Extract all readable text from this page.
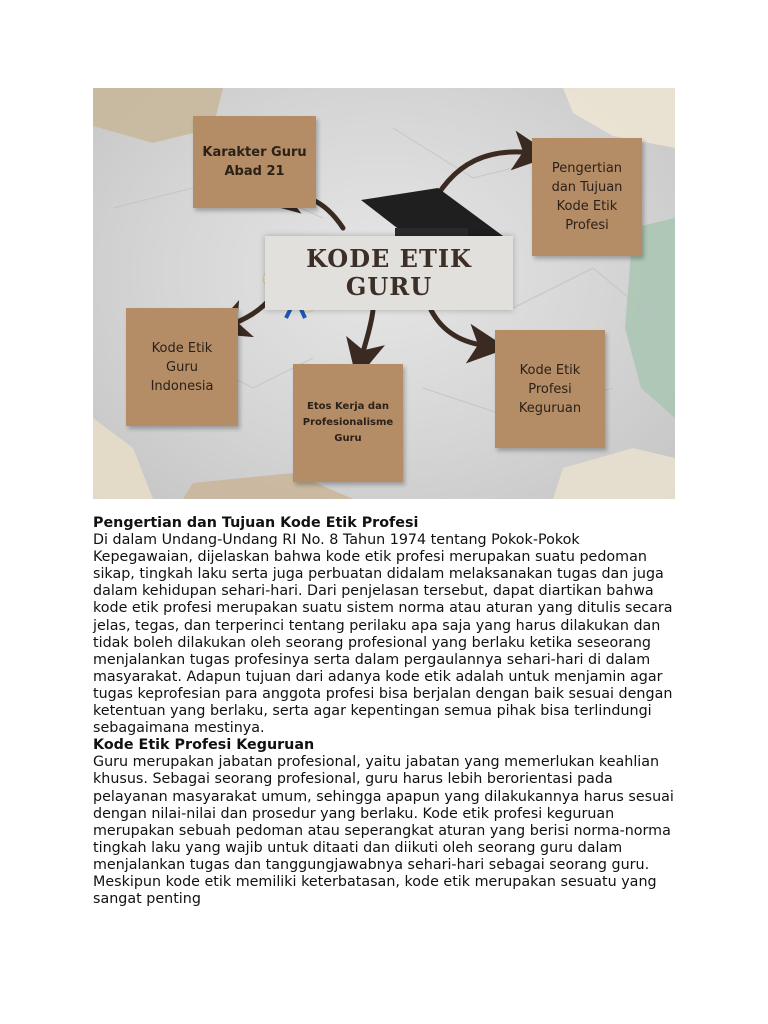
KODE ETIK
GURU
Karakter Guru
Abad 21	Pengertian
dan Tujuan
Kode Etik
Profesi
Kode Etik
Guru
Indonesia
Etos Kerja dan
Profesionalisme
Guru
Kode Etik
Profesi
Keguruan
Pengertian dan Tujuan Kode Etik Profesi

Di dalam Undang-Undang RI No. 8 Tahun 1974 tentang Pokok-Pokok Kepegawaian, dijelaskan bahwa kode etik profesi merupakan suatu pedoman sikap, tingkah laku serta juga perbuatan didalam melaksanakan tugas dan juga dalam kehidupan sehari-hari. Dari penjelasan tersebut, dapat diartikan bahwa kode etik profesi merupakan suatu sistem norma atau aturan yang ditulis secara jelas, tegas, dan terperinci tentang perilaku apa saja yang harus dilakukan dan tidak boleh dilakukan oleh seorang profesional yang berlaku ketika seseorang menjalankan tugas profesinya serta dalam pergaulannya sehari-hari di dalam masyarakat. Adapun tujuan dari adanya kode etik adalah untuk menjamin agar tugas keprofesian para anggota profesi bisa berjalan dengan baik sesuai dengan ketentuan yang berlaku, serta agar kepentingan semua pihak bisa terlindungi sebagaimana mestinya.

Kode Etik Profesi Keguruan

Guru merupakan jabatan profesional, yaitu jabatan yang memerlukan keahlian khusus. Sebagai seorang profesional, guru harus lebih berorientasi pada pelayanan masyarakat umum, sehingga apapun yang dilakukannya harus sesuai dengan nilai-nilai dan prosedur yang berlaku. Kode etik profesi keguruan merupakan sebuah pedoman atau seperangkat aturan yang berisi norma-norma tingkah laku yang wajib untuk ditaati dan diikuti oleh seorang guru dalam menjalankan tugas dan tanggungjawabnya sehari-hari sebagai seorang guru. Meskipun kode etik memiliki keterbatasan, kode etik merupakan sesuatu yang sangat penting
